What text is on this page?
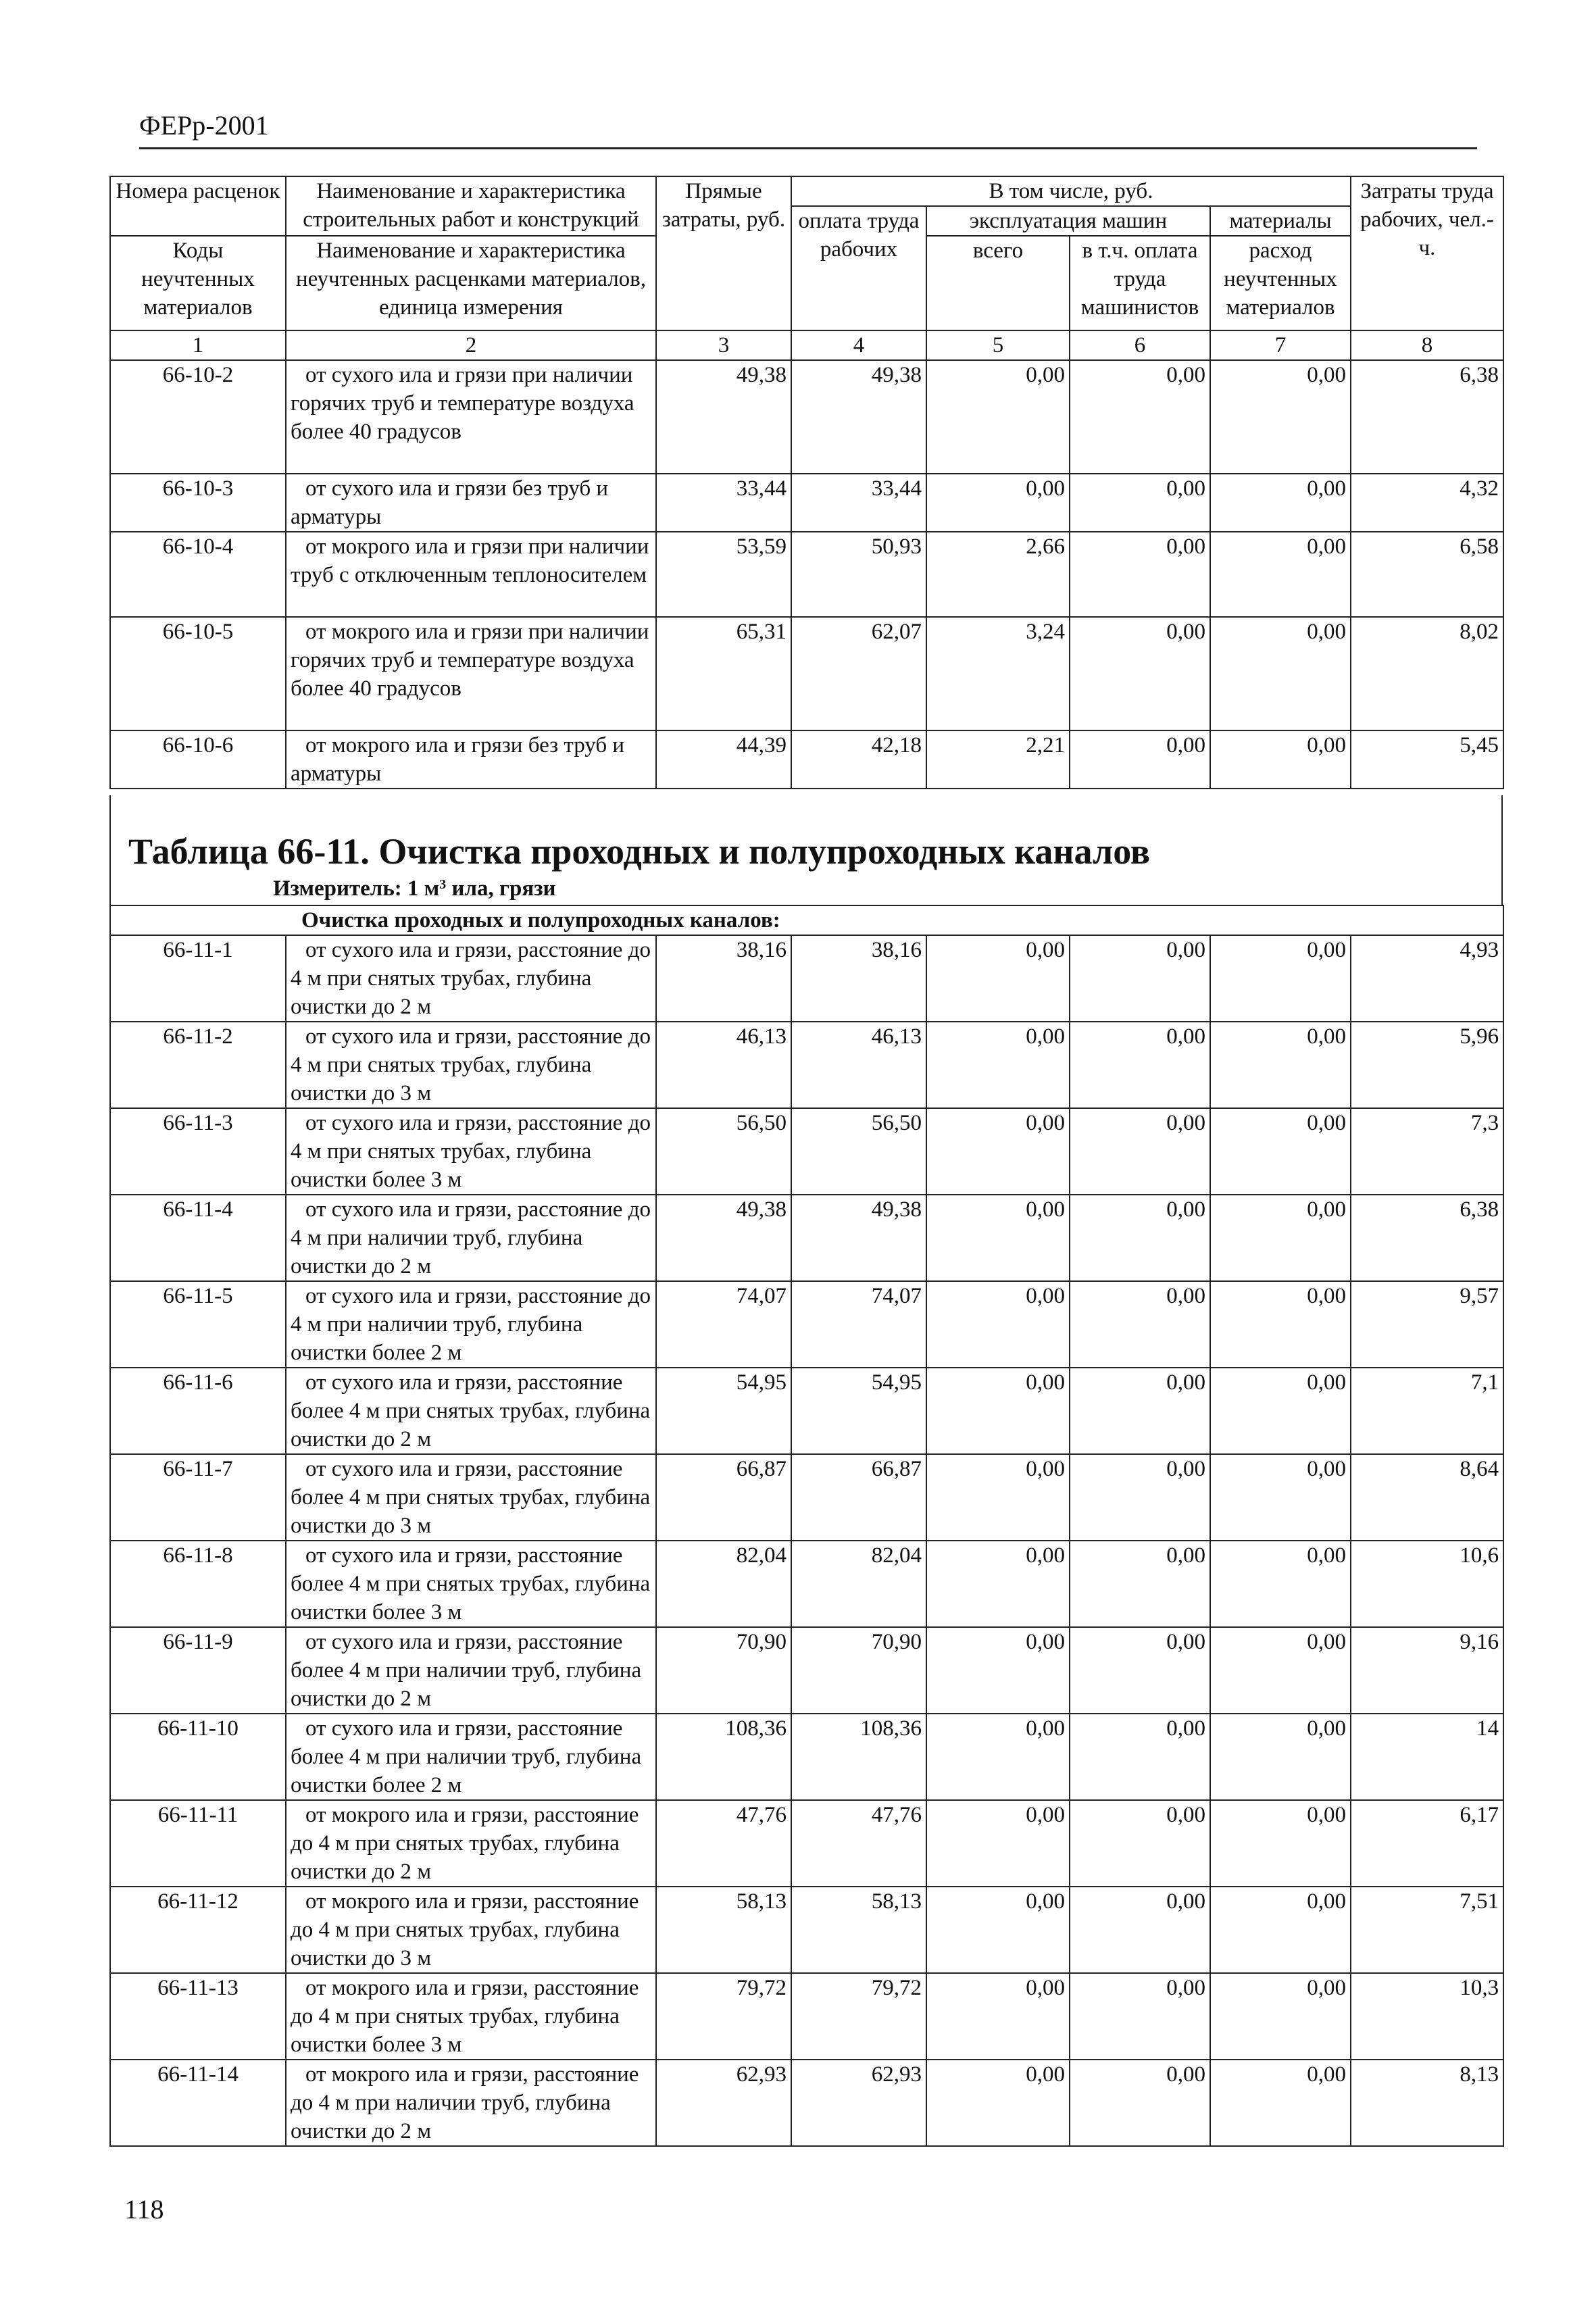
ФЕРр-2001
Номера расценок	Наименование и характеристика строительных работ и конструкций	Прямые затраты, руб.	В том числе, руб.				Затраты труда рабочих, чел.-ч.
			оплата труда рабочих	эксплуатация машин		материалы	
Коды неучтенных материалов	Наименование и характеристика неучтенных расценками материалов, единица измерения			всего	в т.ч. оплата труда машинистов	расход неучтенных материалов	

1	2	3	4	5	6	7	8
66-10-2	от сухого ила и грязи при наличии горячих труб и температуре воздуха более 40 градусов	49,38	49,38	0,00	0,00	0,00	6,38
66-10-3	от сухого ила и грязи без труб и арматуры	33,44	33,44	0,00	0,00	0,00	4,32
66-10-4	от мокрого ила и грязи при наличии труб с отключенным теплоносителем	53,59	50,93	2,66	0,00	0,00	6,58
66-10-5	от мокрого ила и грязи при наличии горячих труб и температуре воздуха более 40 градусов	65,31	62,07	3,24	0,00	0,00	8,02
66-10-6	от мокрого ила и грязи без труб и арматуры	44,39	42,18	2,21	0,00	0,00	5,45
Таблица 66-11. Очистка проходных и полупроходных каналов
Измеритель: 1 $м^3$ ила, грязи
Очистка проходных и полупроходных каналов:							
66-11-1	от сухого ила и грязи, расстояние до 4 м при снятых трубах, глубина очистки до 2 м	38,16	38,16	0,00	0,00	0,00	4,93
66-11-2	от сухого ила и грязи, расстояние до 4 м при снятых трубах, глубина очистки до 3 м	46,13	46,13	0,00	0,00	0,00	5,96
66-11-3	от сухого ила и грязи, расстояние до 4 м при снятых трубах, глубина очистки более 3 м	56,50	56,50	0,00	0,00	0,00	7,3
66-11-4	от сухого ила и грязи, расстояние до 4 м при наличии труб, глубина очистки до 2 м	49,38	49,38	0,00	0,00	0,00	6,38
66-11-5	от сухого ила и грязи, расстояние до 4 м при наличии труб, глубина очистки более 2 м	74,07	74,07	0,00	0,00	0,00	9,57
66-11-6	от сухого ила и грязи, расстояние более 4 м при снятых трубах, глубина очистки до 2 м	54,95	54,95	0,00	0,00	0,00	7,1
66-11-7	от сухого ила и грязи, расстояние более 4 м при снятых трубах, глубина очистки до 3 м	66,87	66,87	0,00	0,00	0,00	8,64
66-11-8	от сухого ила и грязи, расстояние более 4 м при снятых трубах, глубина очистки более 3 м	82,04	82,04	0,00	0,00	0,00	10,6
66-11-9	от сухого ила и грязи, расстояние более 4 м при наличии труб, глубина очистки до 2 м	70,90	70,90	0,00	0,00	0,00	9,16
66-11-10	от сухого ила и грязи, расстояние более 4 м при наличии труб, глубина очистки более 2 м	108,36	108,36	0,00	0,00	0,00	14
66-11-11	от мокрого ила и грязи, расстояние до 4 м при снятых трубах, глубина очистки до 2 м	47,76	47,76	0,00	0,00	0,00	6,17
66-11-12	от мокрого ила и грязи, расстояние до 4 м при снятых трубах, глубина очистки до 3 м	58,13	58,13	0,00	0,00	0,00	7,51
66-11-13	от мокрого ила и грязи, расстояние до 4 м при снятых трубах, глубина очистки более 3 м	79,72	79,72	0,00	0,00	0,00	10,3
66-11-14	от мокрого ила и грязи, расстояние до 4 м при наличии труб, глубина очистки до 2 м	62,93	62,93	0,00	0,00	0,00	8,13
118
